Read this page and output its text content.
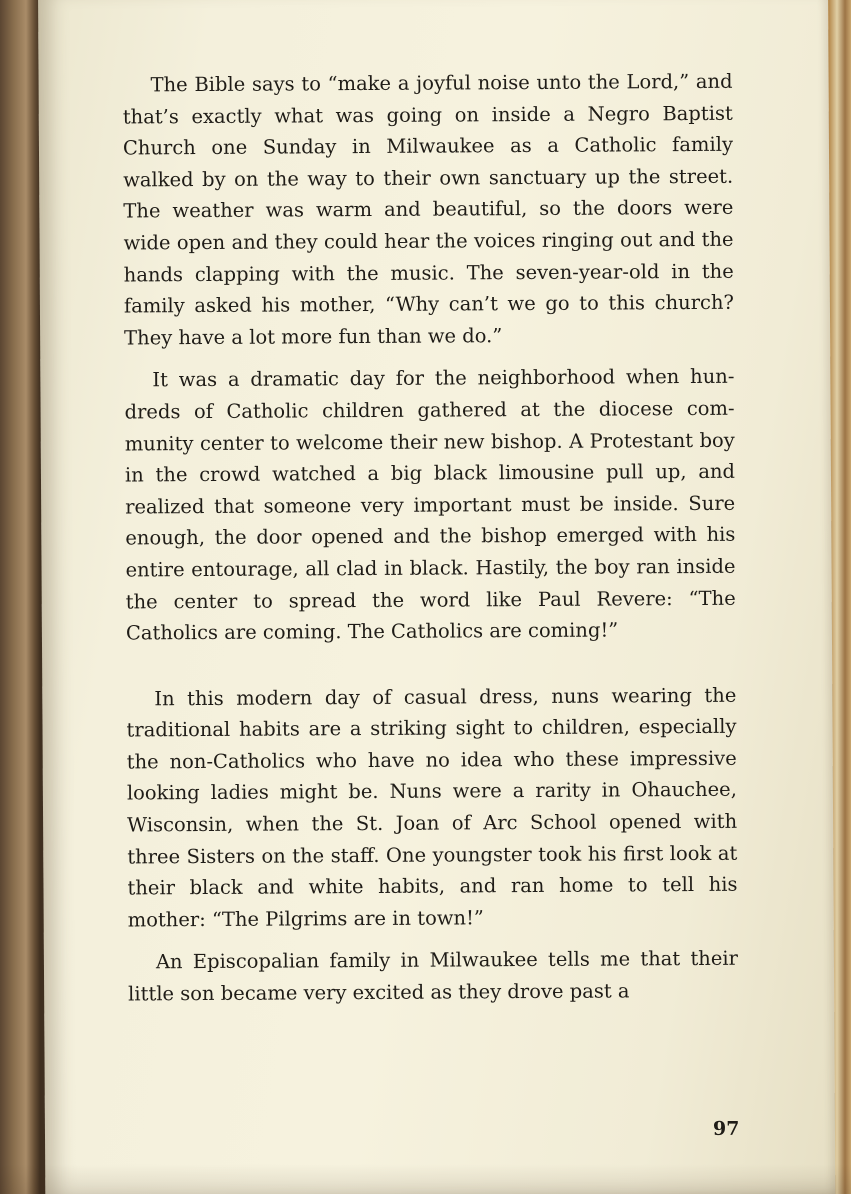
The Bible says to “make a joyful noise unto the Lord,” and that’s exactly what was going on inside a Negro Baptist Church one Sunday in Milwaukee as a Catholic family walked by on the way to their own sanctuary up the street. The weather was warm and beautiful, so the doors were wide open and they could hear the voices ringing out and the hands clapping with the music. The seven-year-old in the family asked his mother, “Why can’t we go to this church? They have a lot more fun than we do.”

It was a dramatic day for the neighborhood when hundreds of Catholic children gathered at the diocese community center to welcome their new bishop. A Protestant boy in the crowd watched a big black limousine pull up, and realized that someone very important must be inside. Sure enough, the door opened and the bishop emerged with his entire entourage, all clad in black. Hastily, the boy ran inside the center to spread the word like Paul Revere: “The Catholics are coming. The Catholics are coming!”

In this modern day of casual dress, nuns wearing the traditional habits are a striking sight to children, especially the non-Catholics who have no idea who these impressive looking ladies might be. Nuns were a rarity in Ohauchee, Wisconsin, when the St. Joan of Arc School opened with three Sisters on the staff. One youngster took his first look at their black and white habits, and ran home to tell his mother: “The Pilgrims are in town!”

An Episcopalian family in Milwaukee tells me that their little son became very excited as they drove past a

97
